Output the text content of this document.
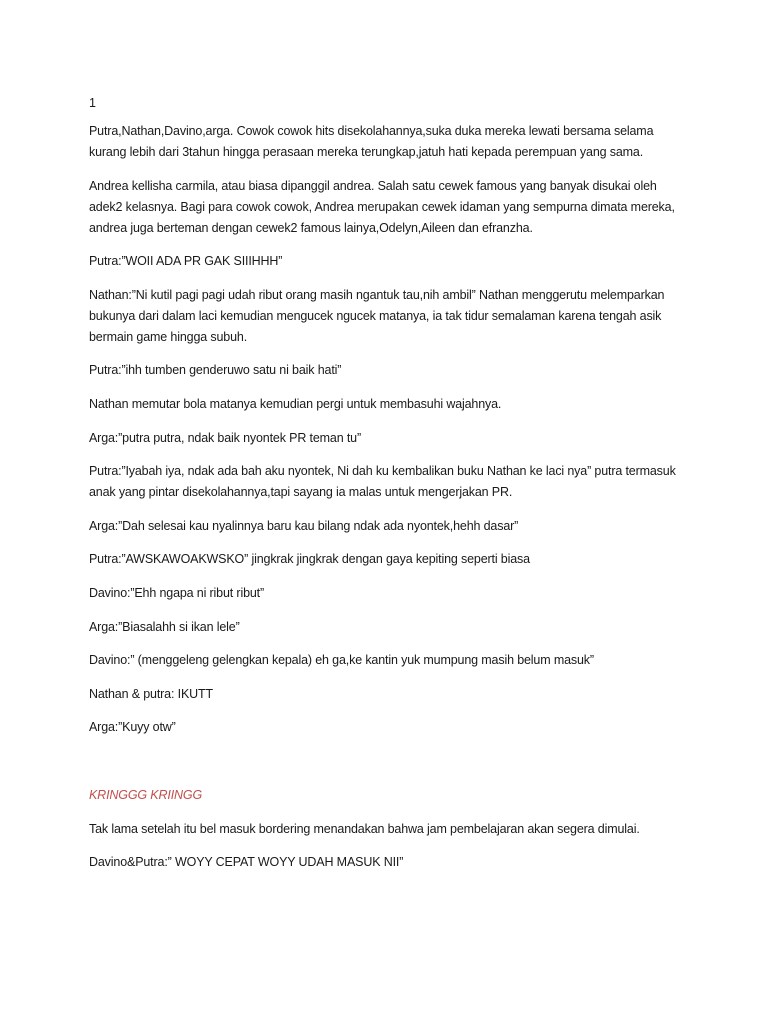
1

Putra,Nathan,Davino,arga. Cowok cowok hits disekolahannya,suka duka mereka lewati bersama selama kurang lebih dari 3tahun hingga perasaan mereka terungkap,jatuh hati kepada perempuan yang sama.

Andrea kellisha carmila, atau biasa dipanggil andrea. Salah satu cewek famous yang banyak disukai oleh adek2 kelasnya. Bagi para cowok cowok, Andrea merupakan cewek idaman yang sempurna dimata mereka, andrea juga berteman dengan cewek2 famous lainya,Odelyn,Aileen dan efranzha.

Putra:”WOII ADA PR GAK SIIIHHH”

Nathan:”Ni kutil pagi pagi udah ribut orang masih ngantuk tau,nih ambil” Nathan menggerutu melemparkan bukunya dari dalam laci kemudian mengucek ngucek matanya, ia tak tidur semalaman karena tengah asik bermain game hingga subuh.

Putra:”ihh tumben genderuwo satu ni baik hati”

Nathan memutar bola matanya kemudian pergi untuk membasuhi wajahnya.

Arga:”putra putra, ndak baik nyontek PR teman tu”

Putra:”Iyabah iya, ndak ada bah aku nyontek, Ni dah ku kembalikan buku Nathan ke laci nya” putra termasuk anak yang pintar disekolahannya,tapi sayang ia malas untuk mengerjakan PR.

Arga:”Dah selesai kau nyalinnya baru kau bilang ndak ada nyontek,hehh dasar”

Putra:”AWSKAWOAKWSKO” jingkrak jingkrak dengan gaya kepiting seperti biasa

Davino:”Ehh ngapa ni ribut ribut”

Arga:”Biasalahh si ikan lele”

Davino:” (menggeleng gelengkan kepala) eh ga,ke kantin yuk mumpung masih belum masuk”

Nathan & putra: IKUTT

Arga:”Kuyy otw”

KRINGGG KRIINGG

Tak lama setelah itu bel masuk bordering menandakan bahwa jam pembelajaran akan segera dimulai.

Davino&Putra:” WOYY CEPAT WOYY UDAH MASUK NII”
